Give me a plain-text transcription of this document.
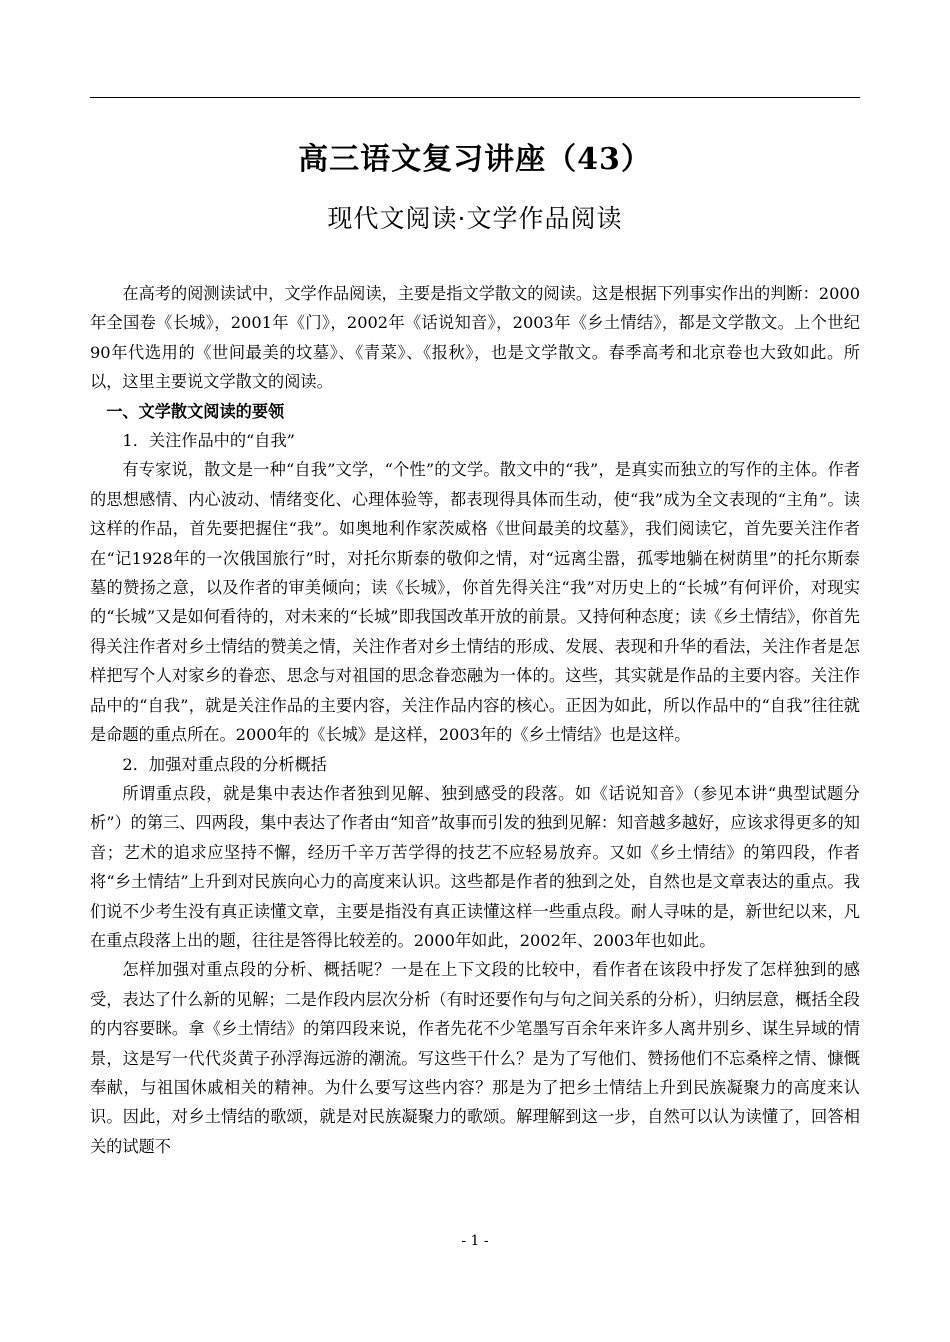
高三语文复习讲座（43）
现代文阅读·文学作品阅读

在高考的阅测读试中，文学作品阅读，主要是指文学散文的阅读。这是根据下列事实作出的判断：2000年全国卷《长城》，2001年《门》，2002年《话说知音》，2003年《乡土情结》，都是文学散文。上个世纪90年代选用的《世间最美的坟墓》、《青菜》、《报秋》，也是文学散文。春季高考和北京卷也大致如此。所以，这里主要说文学散文的阅读。

一、文学散文阅读的要领

1．关注作品中的“自我”

有专家说，散文是一种“自我”文学，“个性”的文学。散文中的“我”，是真实而独立的写作的主体。作者的思想感情、内心波动、情绪变化、心理体验等，都表现得具体而生动，使“我”成为全文表现的“主角”。读这样的作品，首先要把握住“我”。如奥地利作家茨威格《世间最美的坟墓》，我们阅读它，首先要关注作者在“记1928年的一次俄国旅行”时，对托尔斯泰的敬仰之情，对“远离尘嚣，孤零地躺在树荫里”的托尔斯泰墓的赞扬之意，以及作者的审美倾向；读《长城》，你首先得关注“我”对历史上的“长城”有何评价，对现实的“长城”又是如何看待的，对未来的“长城”即我国改革开放的前景。又持何种态度；读《乡土情结》，你首先得关注作者对乡土情结的赞美之情，关注作者对乡土情结的形成、发展、表现和升华的看法，关注作者是怎样把写个人对家乡的眷恋、思念与对祖国的思念眷恋融为一体的。这些，其实就是作品的主要内容。关注作品中的“自我”，就是关注作品的主要内容，关注作品内容的核心。正因为如此，所以作品中的“自我”往往就是命题的重点所在。2000年的《长城》是这样，2003年的《乡土情结》也是这样。

2．加强对重点段的分析概括

所谓重点段，就是集中表达作者独到见解、独到感受的段落。如《话说知音》（参见本讲“典型试题分析”）的第三、四两段，集中表达了作者由“知音”故事而引发的独到见解：知音越多越好，应该求得更多的知音；艺术的追求应坚持不懈，经历千辛万苦学得的技艺不应轻易放弃。又如《乡土情结》的第四段，作者将“乡土情结”上升到对民族向心力的高度来认识。这些都是作者的独到之处，自然也是文章表达的重点。我们说不少考生没有真正读懂文章，主要是指没有真正读懂这样一些重点段。耐人寻味的是，新世纪以来，凡在重点段落上出的题，往往是答得比较差的。2000年如此，2002年、2003年也如此。

怎样加强对重点段的分析、概括呢？一是在上下文段的比较中，看作者在该段中抒发了怎样独到的感受，表达了什么新的见解；二是作段内层次分析（有时还要作句与句之间关系的分析），归纳层意，概括全段的内容要眯。拿《乡土情结》的第四段来说，作者先花不少笔墨写百余年来许多人离井别乡、谋生异域的情景，这是写一代代炎黄子孙浮海远游的潮流。写这些干什么？是为了写他们、赞扬他们不忘桑梓之情、慷慨奉献，与祖国休戚相关的精神。为什么要写这些内容？那是为了把乡土情结上升到民族凝聚力的高度来认识。因此，对乡土情结的歌颂，就是对民族凝聚力的歌颂。解理解到这一步，自然可以认为读懂了，回答相关的试题不

- 1 -
